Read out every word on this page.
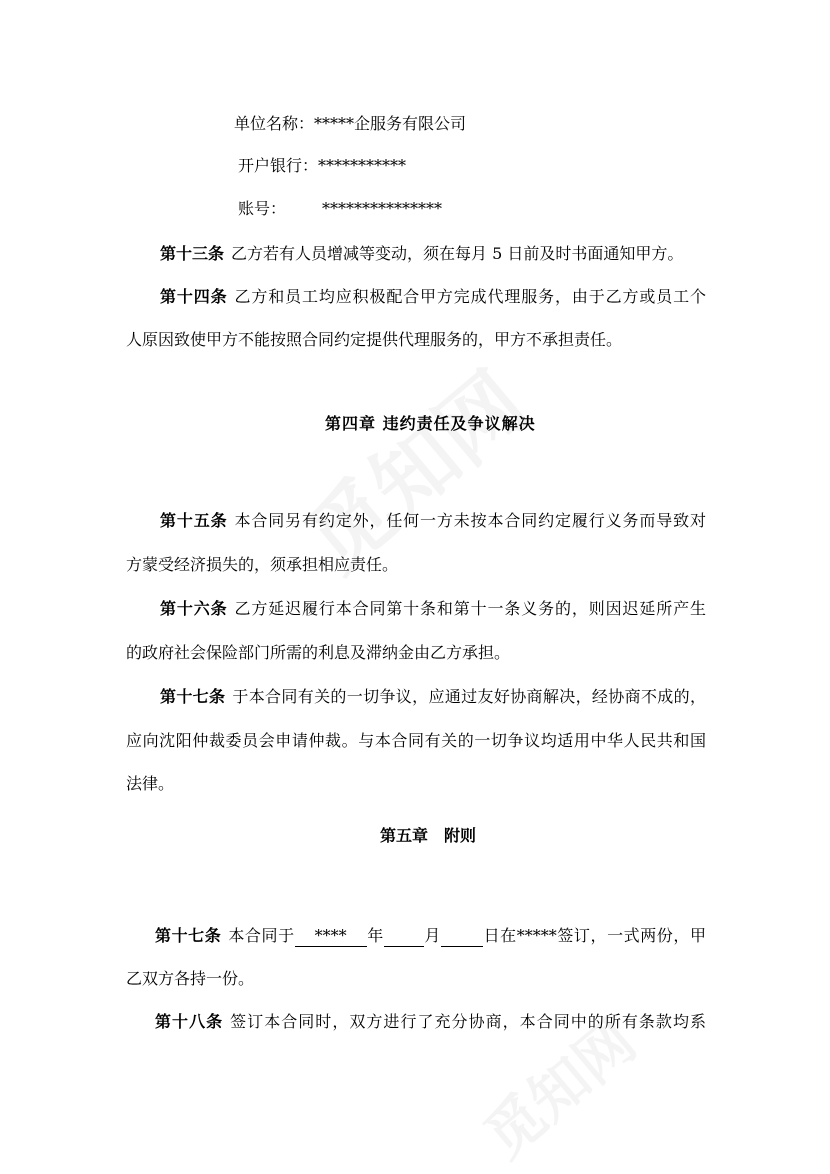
单位名称：*****企服务有限公司
开户银行：***********
账号： ***************
第十三条 乙方若有人员增减等变动，须在每月 5 日前及时书面通知甲方。
第十四条 乙方和员工均应积极配合甲方完成代理服务，由于乙方或员工个
人原因致使甲方不能按照合同约定提供代理服务的，甲方不承担责任。
第四章 违约责任及争议解决
第十五条 本合同另有约定外，任何一方未按本合同约定履行义务而导致对
方蒙受经济损失的，须承担相应责任。
第十六条 乙方延迟履行本合同第十条和第十一条义务的，则因迟延所产生
的政府社会保险部门所需的利息及滞纳金由乙方承担。
第十七条 于本合同有关的一切争议，应通过友好协商解决，经协商不成的，
应向沈阳仲裁委员会申请仲裁。与本合同有关的一切争议均适用中华人民共和国
法律。
第五章　附则
第十七条 本合同于 **** 年	月	日在*****签订，一式两份，甲
乙双方各持一份。
第十八条 签订本合同时，双方进行了充分协商，本合同中的所有条款均系
